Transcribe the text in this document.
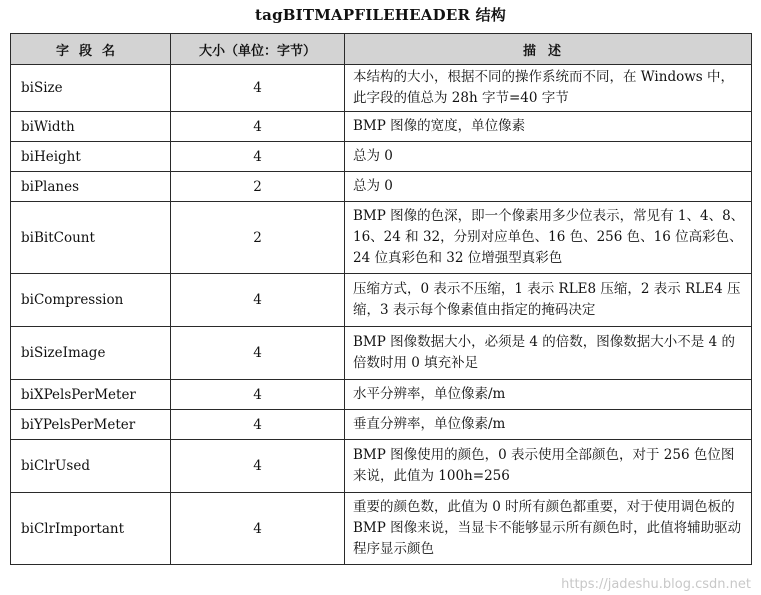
tagBITMAPFILEHEADER 结构
字段名	大小（单位：字节）	描述
biSize	4	本结构的大小，根据不同的操作系统而不同，在 Windows 中，此字段的值总为 28h 字节=40 字节
biWidth	4	BMP 图像的宽度，单位像素
biHeight	4	总为 0
biPlanes	2	总为 0
biBitCount	2	BMP 图像的色深，即一个像素用多少位表示，常见有 1、4、8、16、24 和 32，分别对应单色、16 色、256 色、16 位高彩色、24 位真彩色和 32 位增强型真彩色
biCompression	4	压缩方式，0 表示不压缩，1 表示 RLE8 压缩，2 表示 RLE4 压缩，3 表示每个像素值由指定的掩码决定
biSizeImage	4	BMP 图像数据大小，必须是 4 的倍数，图像数据大小不是 4 的倍数时用 0 填充补足
biXPelsPerMeter	4	水平分辨率，单位像素/m
biYPelsPerMeter	4	垂直分辨率，单位像素/m
biClrUsed	4	BMP 图像使用的颜色，0 表示使用全部颜色，对于 256 色位图来说，此值为 100h=256
biClrImportant	4	重要的颜色数，此值为 0 时所有颜色都重要，对于使用调色板的 BMP 图像来说，当显卡不能够显示所有颜色时，此值将辅助驱动程序显示颜色
https://jadeshu.blog.csdn.net
